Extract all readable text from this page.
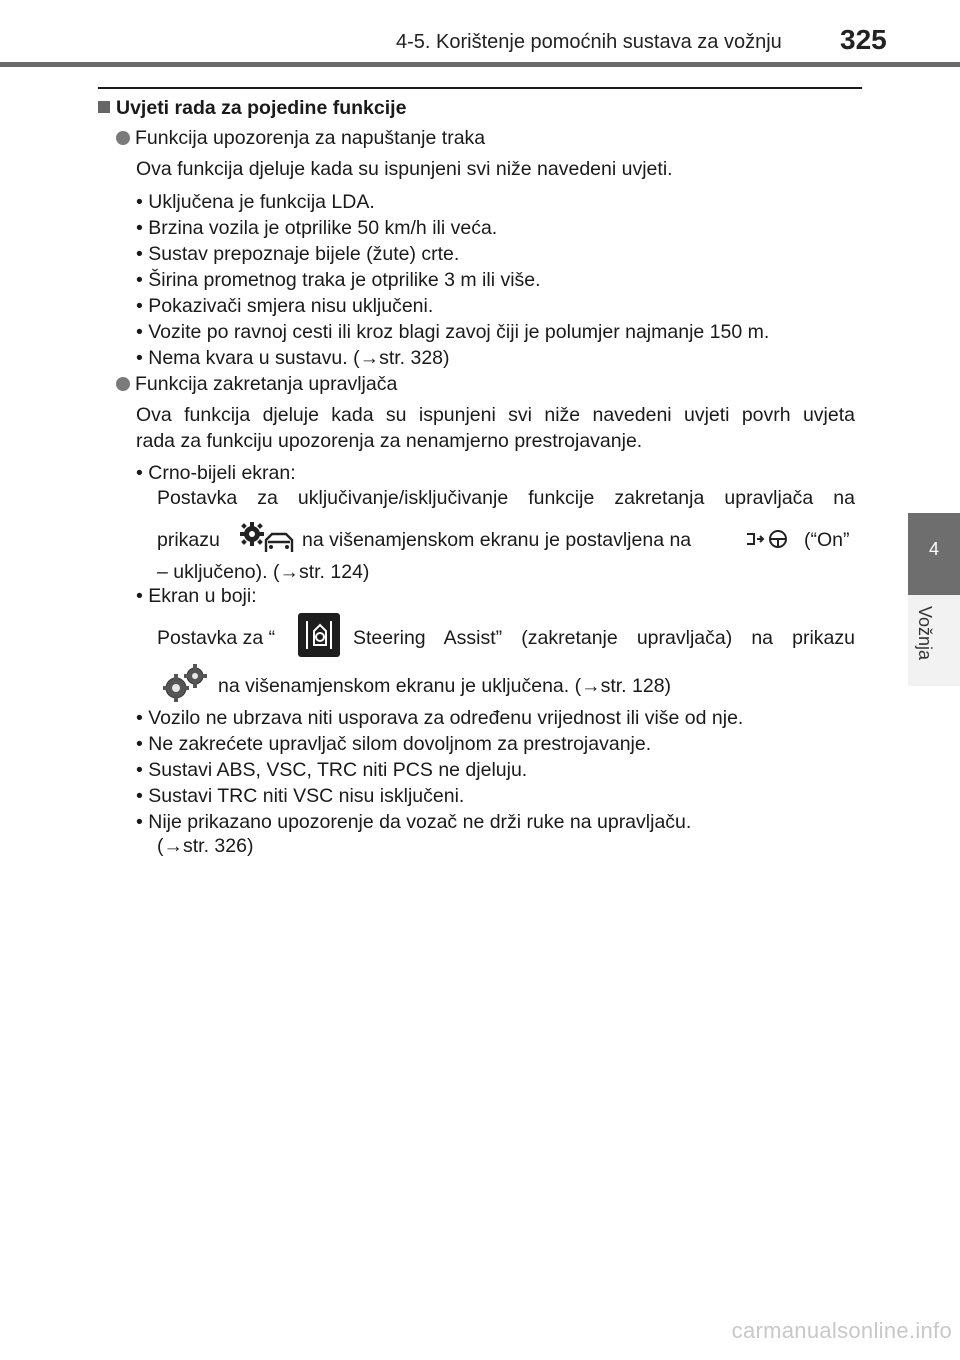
4-5. Korištenje pomoćnih sustava za vožnju 325
4
Vožnja
Uvjeti rada za pojedine funkcije
Funkcija upozorenja za napuštanje traka
Ova funkcija djeluje kada su ispunjeni svi niže navedeni uvjeti.
• Uključena je funkcija LDA.
• Brzina vozila je otprilike 50 km/h ili veća.
• Sustav prepoznaje bijele (žute) crte.
• Širina prometnog traka je otprilike 3 m ili više.
• Pokazivači smjera nisu uključeni.
• Vozite po ravnoj cesti ili kroz blagi zavoj čiji je polumjer najmanje 150 m.
• Nema kvara u sustavu. (→str. 328)
Funkcija zakretanja upravljača
Ova funkcija djeluje kada su ispunjeni svi niže navedeni uvjeti povrh uvjeta
rada za funkciju upozorenja za nenamjerno prestrojavanje.
• Crno-bijeli ekran:
Postavka za uključivanje/isključivanje funkcije zakretanja upravljača na
prikazu	na višenamjenskom ekranu je postavljena na	(“On”
– uključeno). (→str. 124)
• Ekran u boji:
Postavka za “	Steering Assist” (zakretanje upravljača) na prikazu
na višenamjenskom ekranu je uključena. (→str. 128)
• Vozilo ne ubrzava niti usporava za određenu vrijednost ili više od nje.
• Ne zakrećete upravljač silom dovoljnom za prestrojavanje.
• Sustavi ABS, VSC, TRC niti PCS ne djeluju.
• Sustavi TRC niti VSC nisu isključeni.
• Nije prikazano upozorenje da vozač ne drži ruke na upravljaču.
(→str. 326)
carmanualsonline.info
